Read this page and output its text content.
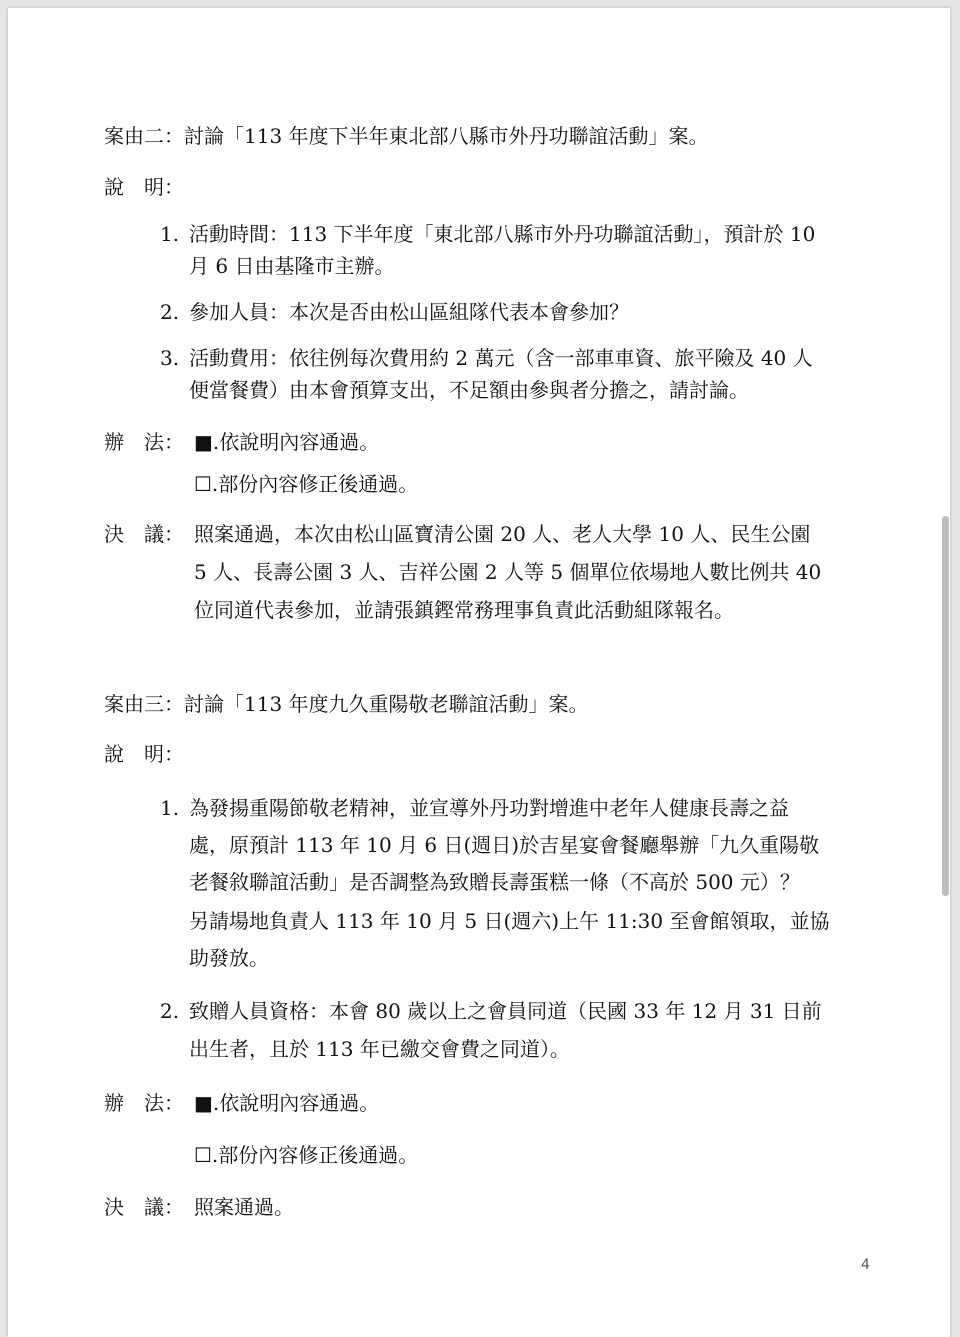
案由二：討論「113 年度下半年東北部八縣市外丹功聯誼活動」案。
說　明：
1. 活動時間：113 下半年度「東北部八縣市外丹功聯誼活動」，預計於 10
月 6 日由基隆市主辦。
2. 參加人員：本次是否由松山區組隊代表本會參加？
3. 活動費用：依往例每次費用約 2 萬元（含一部車車資、旅平險及 40 人
便當餐費）由本會預算支出，不足額由參與者分擔之，請討論。
辦　法： ■.依說明內容通過。
☐.部份內容修正後通過。
決　議： 照案通過，本次由松山區寶清公園 20 人、老人大學 10 人、民生公園
5 人、長壽公園 3 人、吉祥公園 2 人等 5 個單位依場地人數比例共 40
位同道代表參加，並請張鎮鏗常務理事負責此活動組隊報名。
案由三：討論「113 年度九久重陽敬老聯誼活動」案。
說　明：
1. 為發揚重陽節敬老精神，並宣導外丹功對增進中老年人健康長壽之益
處，原預計 113 年 10 月 6 日(週日)於吉星宴會餐廳舉辦「九久重陽敬
老餐敘聯誼活動」是否調整為致贈長壽蛋糕一條（不高於 500 元）？
另請場地負責人 113 年 10 月 5 日(週六)上午 11:30 至會館領取，並協
助發放。
2. 致贈人員資格：本會 80 歲以上之會員同道（民國 33 年 12 月 31 日前
出生者，且於 113 年已繳交會費之同道）。
辦　法： ■.依說明內容通過。
☐.部份內容修正後通過。
決　議： 照案通過。
4
